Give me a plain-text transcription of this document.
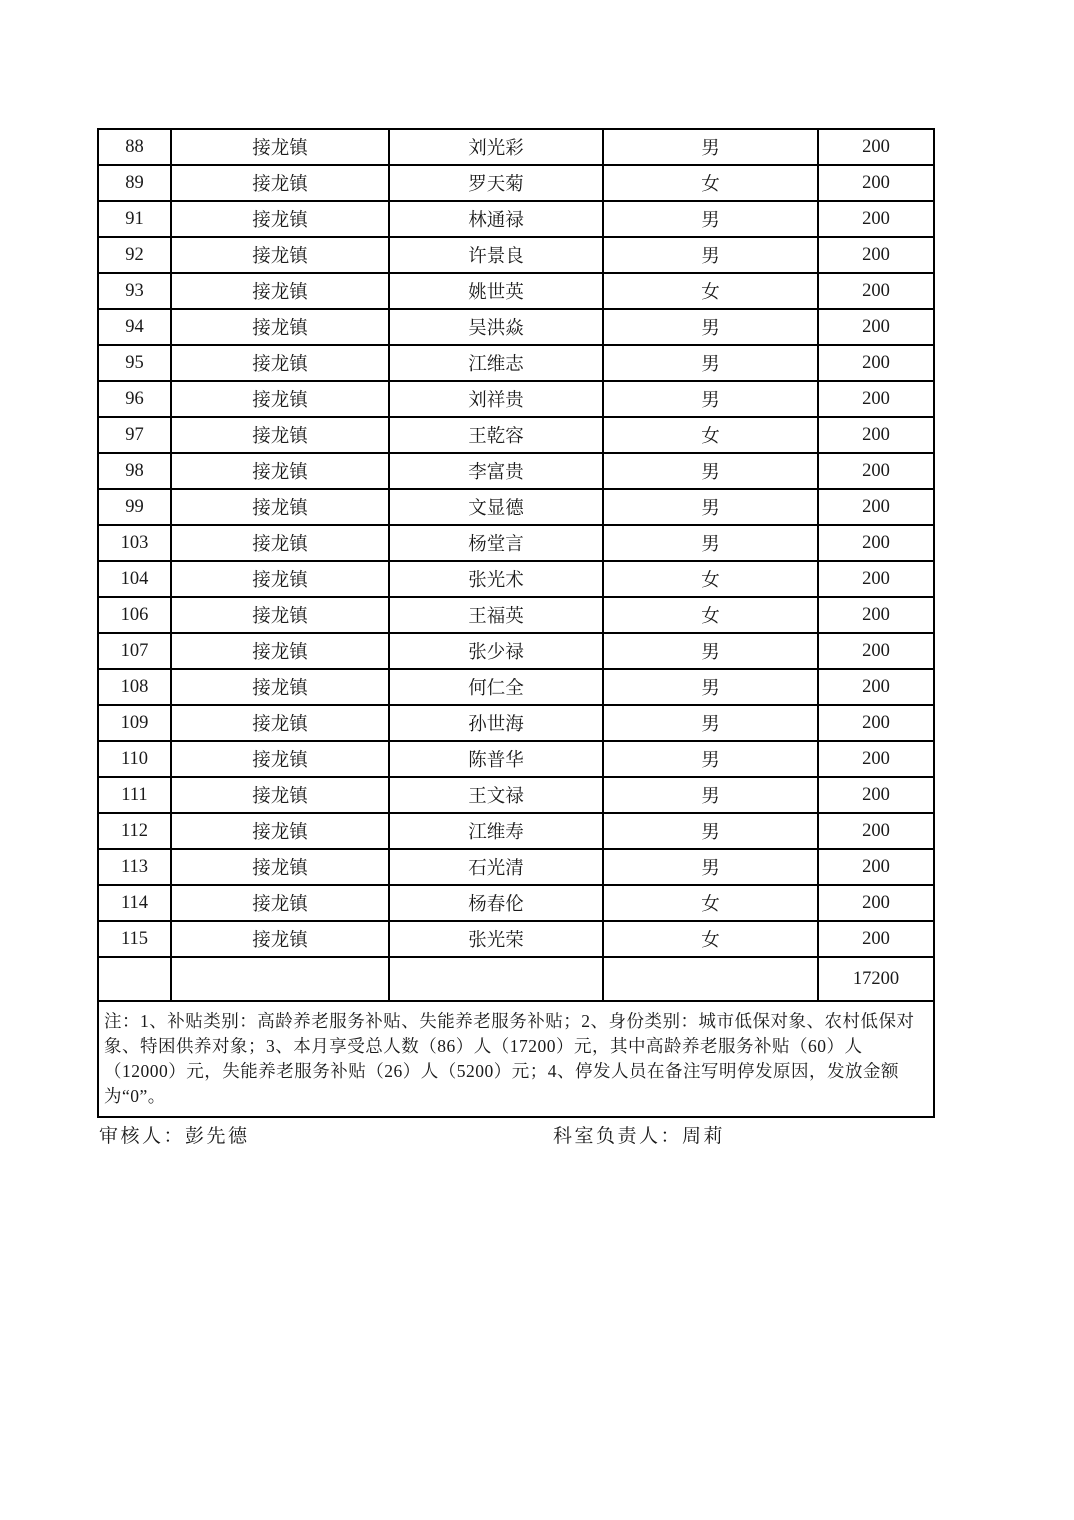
88	接龙镇	刘光彩	男	200
89	接龙镇	罗天菊	女	200
91	接龙镇	林通禄	男	200
92	接龙镇	许景良	男	200
93	接龙镇	姚世英	女	200
94	接龙镇	吴洪焱	男	200
95	接龙镇	江维志	男	200
96	接龙镇	刘祥贵	男	200
97	接龙镇	王乾容	女	200
98	接龙镇	李富贵	男	200
99	接龙镇	文显德	男	200
103	接龙镇	杨堂言	男	200
104	接龙镇	张光术	女	200
106	接龙镇	王福英	女	200
107	接龙镇	张少禄	男	200
108	接龙镇	何仁全	男	200
109	接龙镇	孙世海	男	200
110	接龙镇	陈普华	男	200
111	接龙镇	王文禄	男	200
112	接龙镇	江维寿	男	200
113	接龙镇	石光清	男	200
114	接龙镇	杨春伦	女	200
115	接龙镇	张光荣	女	200
				17200
注：1、补贴类别：高龄养老服务补贴、失能养老服务补贴；2、身份类别：城市低保对象、农村低保对象、特困供养对象；3、本月享受总人数（86）人（17200）元，其中高龄养老服务补贴（60）人（12000）元，失能养老服务补贴（26）人（5200）元；4、停发人员在备注写明停发原因，发放金额为“0”。				
审核人：彭先德	科室负责人：周莉
